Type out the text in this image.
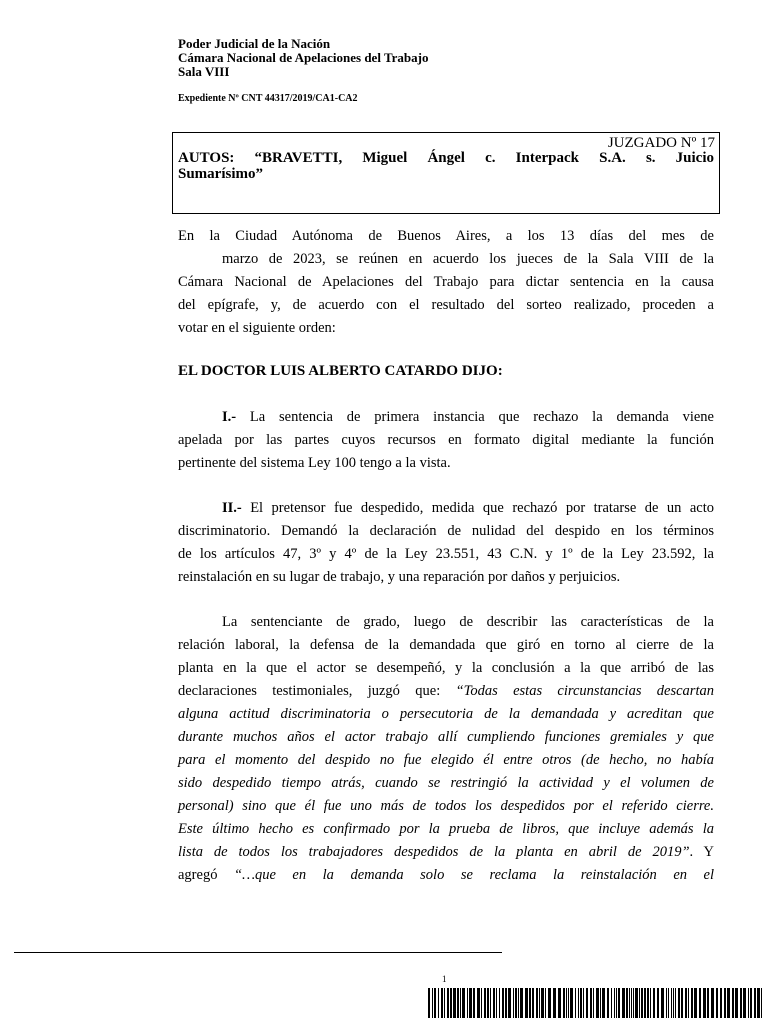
Poder Judicial de la Nación
Cámara Nacional de Apelaciones del Trabajo
Sala VIII
Expediente Nº CNT 44317/2019/CA1-CA2
JUZGADO Nº 17
AUTOS: “BRAVETTI, Miguel Ángel c. Interpack S.A. s. Juicio
Sumarísimo”
En la Ciudad Autónoma de Buenos Aires, a los 13 días del mes de
marzo de 2023, se reúnen en acuerdo los jueces de la Sala VIII de la
Cámara Nacional de Apelaciones del Trabajo para dictar sentencia en la causa
del epígrafe, y, de acuerdo con el resultado del sorteo realizado, proceden a
votar en el siguiente orden:
EL DOCTOR LUIS ALBERTO CATARDO DIJO:
I.- La sentencia de primera instancia que rechazo la demanda viene
apelada por las partes cuyos recursos en formato digital mediante la función
pertinente del sistema Ley 100 tengo a la vista.
II.- El pretensor fue despedido, medida que rechazó por tratarse de un acto
discriminatorio. Demandó la declaración de nulidad del despido en los términos
de los artículos 47, 3º y 4º de la Ley 23.551, 43 C.N. y 1º de la Ley 23.592, la
reinstalación en su lugar de trabajo, y una reparación por daños y perjuicios.
La sentenciante de grado, luego de describir las características de la
relación laboral, la defensa de la demandada que giró en torno al cierre de la
planta en la que el actor se desempeñó, y la conclusión a la que arribó de las
declaraciones testimoniales, juzgó que: “Todas estas circunstancias descartan
alguna actitud discriminatoria o persecutoria de la demandada y acreditan que
durante muchos años el actor trabajo allí cumpliendo funciones gremiales y que
para el momento del despido no fue elegido él entre otros (de hecho, no había
sido despedido tiempo atrás, cuando se restringió la actividad y el volumen de
personal) sino que él fue uno más de todos los despedidos por el referido cierre.
Este último hecho es confirmado por la prueba de libros, que incluye además la
lista de todos los trabajadores despedidos de la planta en abril de 2019”. Y
agregó “…que en la demanda solo se reclama la reinstalación en el
1
